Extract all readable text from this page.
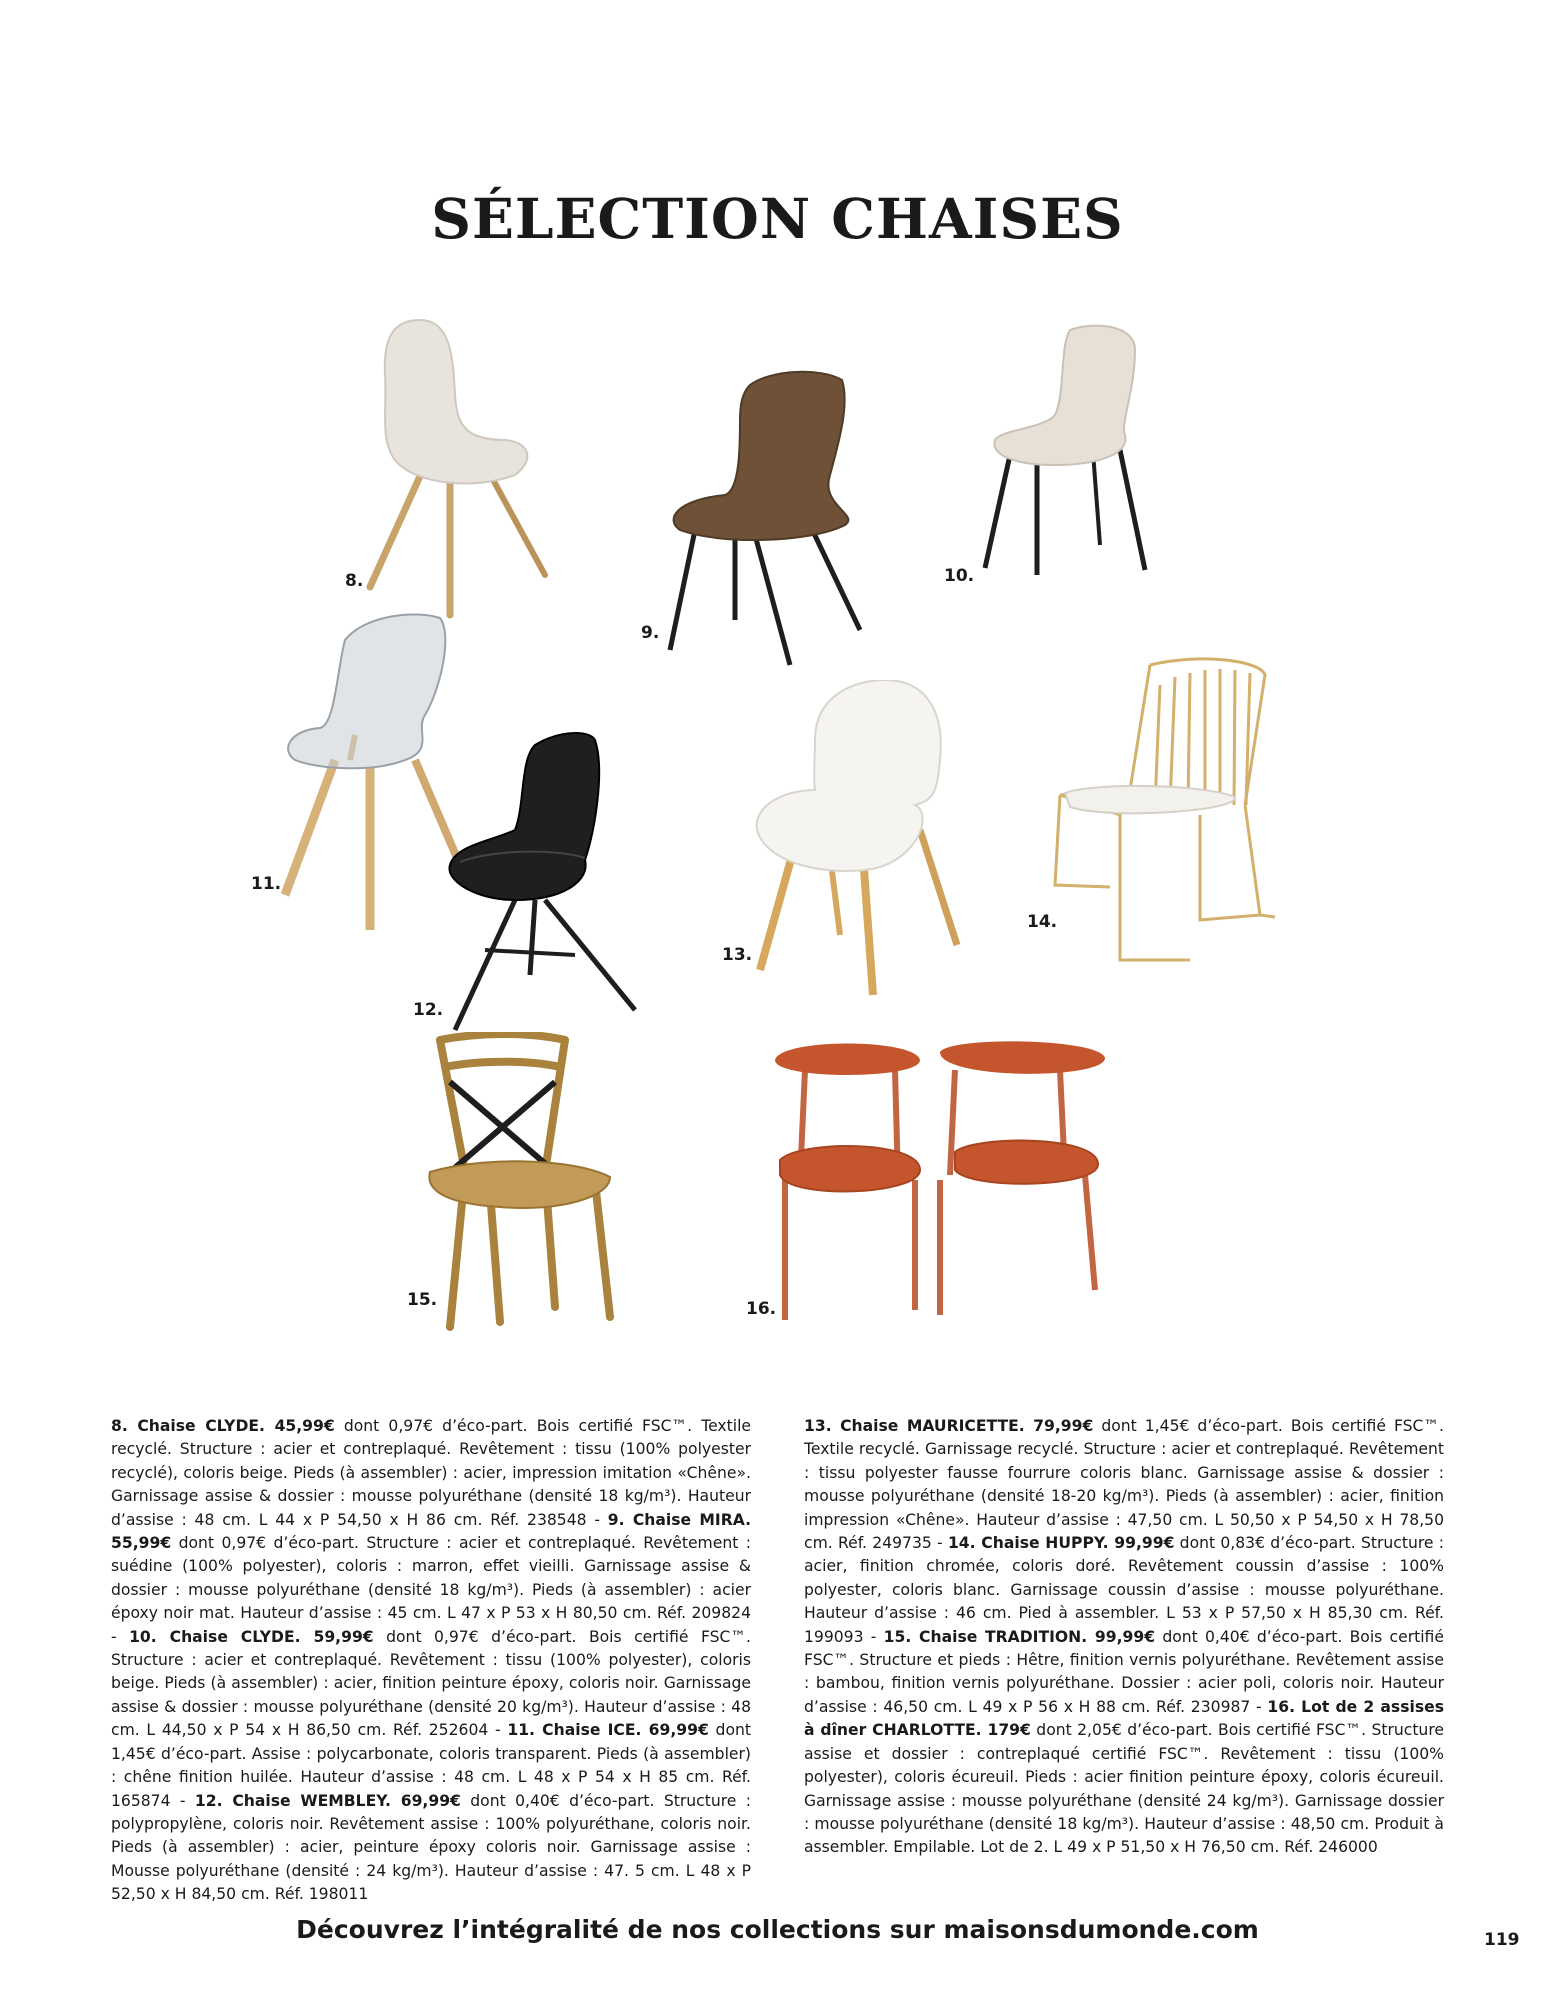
SÉLECTION CHAISES
8.
9.
10.
11.
12.
13.
14.
15.	16.

8. Chaise CLYDE. 45,99€ dont 0,97€ d’éco-part. Bois certifié FSC™. Textile recyclé. Structure : acier et contreplaqué. Revêtement : tissu (100% polyester recyclé), coloris beige. Pieds (à assembler) : acier, impression imitation «Chêne». Garnissage assise & dossier : mousse polyuréthane (densité 18 kg/m³). Hauteur d’assise : 48 cm. L 44 x P 54,50 x H 86 cm. Réf. 238548 - 9. Chaise MIRA. 55,99€ dont 0,97€ d’éco-part. Structure : acier et contreplaqué. Revêtement : suédine (100% polyester), coloris : marron, effet vieilli. Garnissage assise & dossier : mousse polyuréthane (densité 18 kg/m³). Pieds (à assembler) : acier époxy noir mat. Hauteur d’assise : 45 cm. L 47 x P 53 x H 80,50 cm. Réf. 209824 - 10. Chaise CLYDE. 59,99€ dont 0,97€ d’éco-part. Bois certifié FSC™. Structure : acier et contreplaqué. Revêtement : tissu (100% polyester), coloris beige. Pieds (à assembler) : acier, finition peinture époxy, coloris noir. Garnissage assise & dossier : mousse polyuréthane (densité 20 kg/m³). Hauteur d’assise : 48 cm. L 44,50 x P 54 x H 86,50 cm. Réf. 252604 - 11. Chaise ICE. 69,99€ dont 1,45€ d’éco-part. Assise : polycarbonate, coloris transparent. Pieds (à assembler) : chêne finition huilée. Hauteur d’assise : 48 cm. L 48 x P 54 x H 85 cm. Réf. 165874 - 12. Chaise WEMBLEY. 69,99€ dont 0,40€ d’éco-part. Structure : polypropylène, coloris noir. Revêtement assise : 100% polyuréthane, coloris noir. Pieds (à assembler) : acier, peinture époxy coloris noir. Garnissage assise : Mousse polyuréthane (densité : 24 kg/m³). Hauteur d’assise : 47. 5 cm. L 48 x P 52,50 x H 84,50 cm. Réf. 198011

13. Chaise MAURICETTE. 79,99€ dont 1,45€ d’éco-part. Bois certifié FSC™. Textile recyclé. Garnissage recyclé. Structure : acier et contreplaqué. Revêtement : tissu polyester fausse fourrure coloris blanc. Garnissage assise & dossier : mousse polyuréthane (densité 18-20 kg/m³). Pieds (à assembler) : acier, finition impression «Chêne». Hauteur d’assise : 47,50 cm. L 50,50 x P 54,50 x H 78,50 cm. Réf. 249735 - 14. Chaise HUPPY. 99,99€ dont 0,83€ d’éco-part. Structure : acier, finition chromée, coloris doré. Revêtement coussin d’assise : 100% polyester, coloris blanc. Garnissage coussin d’assise : mousse polyuréthane. Hauteur d’assise : 46 cm. Pied à assembler. L 53 x P 57,50 x H 85,30 cm. Réf. 199093 - 15. Chaise TRADITION. 99,99€ dont 0,40€ d’éco-part. Bois certifié FSC™. Structure et pieds : Hêtre, finition vernis polyuréthane. Revêtement assise : bambou, finition vernis polyuréthane. Dossier : acier poli, coloris noir. Hauteur d’assise : 46,50 cm. L 49 x P 56 x H 88 cm. Réf. 230987 - 16. Lot de 2 assises à dîner CHARLOTTE. 179€ dont 2,05€ d’éco-part. Bois certifié FSC™. Structure assise et dossier : contreplaqué certifié FSC™. Revêtement : tissu (100% polyester), coloris écureuil. Pieds : acier finition peinture époxy, coloris écureuil. Garnissage assise : mousse polyuréthane (densité 24 kg/m³). Garnissage dossier : mousse polyuréthane (densité 18 kg/m³). Hauteur d’assise : 48,50 cm. Produit à assembler. Empilable. Lot de 2. L 49 x P 51,50 x H 76,50 cm. Réf. 246000

Découvrez l’intégralité de nos collections sur maisonsdumonde.com	119
